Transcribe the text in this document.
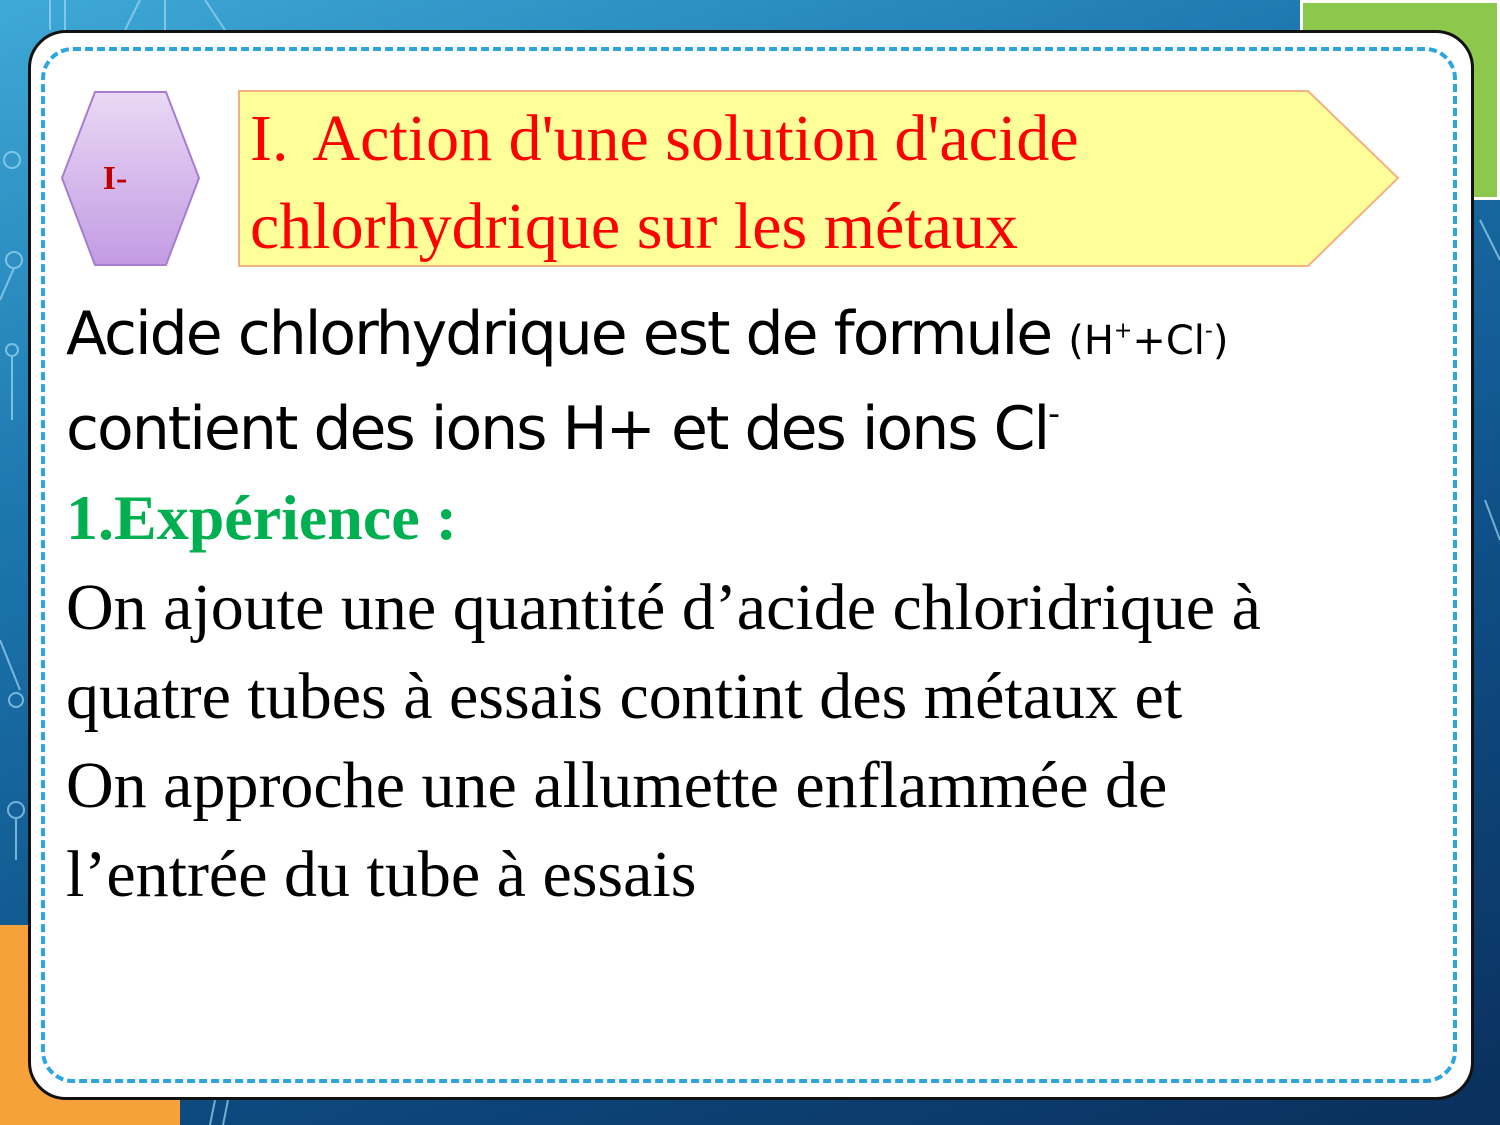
I-
I. Action d'une solution d'acide
chlorhydrique sur les métaux

Acide chlorhydrique est de formule (H++Cl-)

contient des ions H+ et des ions Cl-

1.Expérience :

On ajoute une quantité d’acide chloridrique à

quatre tubes à essais contint des métaux et

On approche une allumette enflammée de

l’entrée du tube à essais
